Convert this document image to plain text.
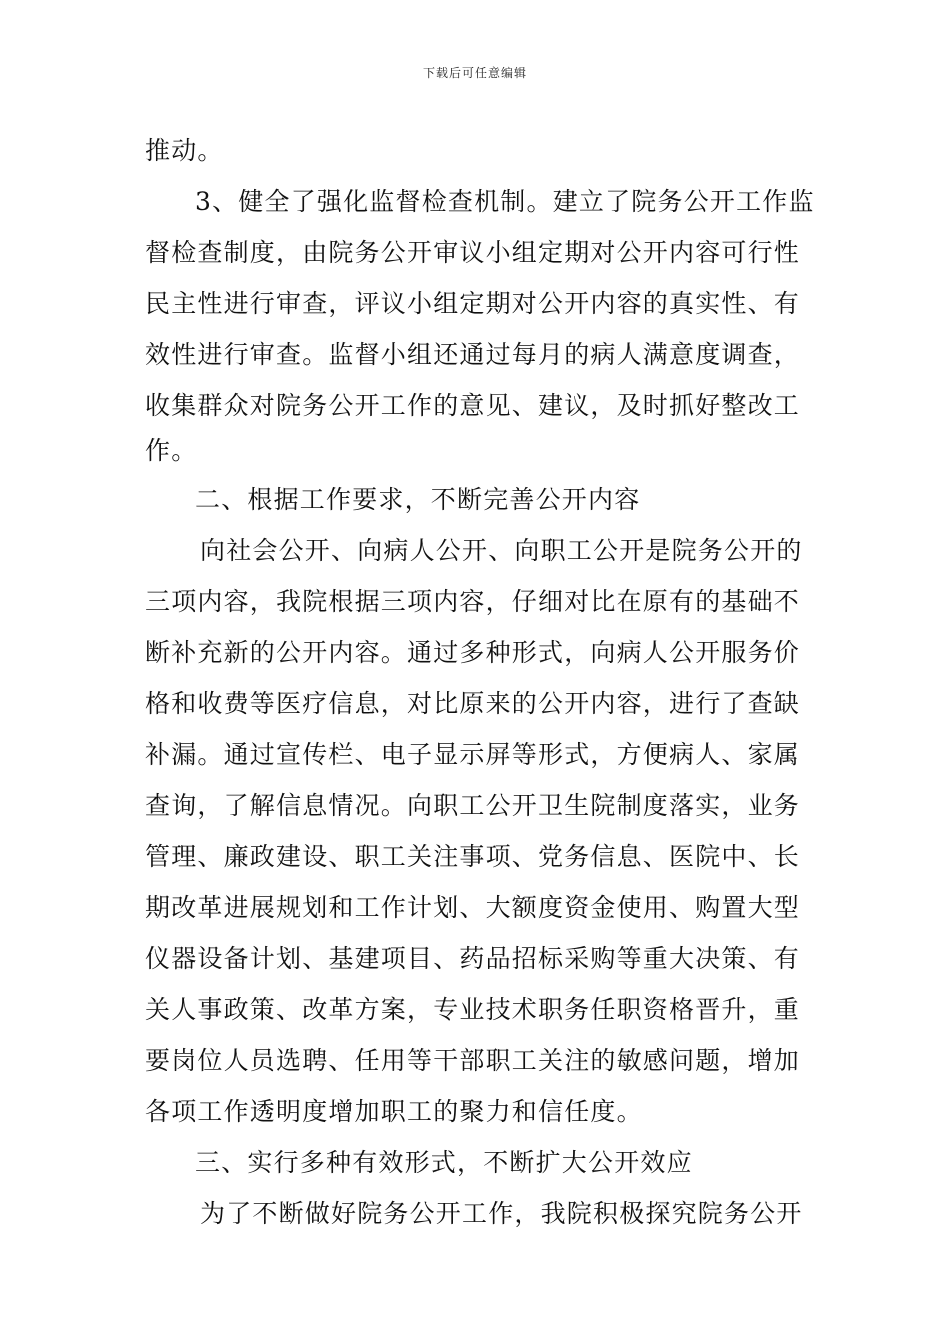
下载后可任意编辑
推动。
3、健全了强化监督检查机制。建立了院务公开工作监
督检查制度，由院务公开审议小组定期对公开内容可行性
民主性进行审查，评议小组定期对公开内容的真实性、有
效性进行审查。监督小组还通过每月的病人满意度调查，
收集群众对院务公开工作的意见、建议，及时抓好整改工
作。
二、根据工作要求，不断完善公开内容
向社会公开、向病人公开、向职工公开是院务公开的
三项内容，我院根据三项内容，仔细对比在原有的基础不
断补充新的公开内容。通过多种形式，向病人公开服务价
格和收费等医疗信息，对比原来的公开内容，进行了查缺
补漏。通过宣传栏、电子显示屏等形式，方便病人、家属
查询，了解信息情况。向职工公开卫生院制度落实，业务
管理、廉政建设、职工关注事项、党务信息、医院中、长
期改革进展规划和工作计划、大额度资金使用、购置大型
仪器设备计划、基建项目、药品招标采购等重大决策、有
关人事政策、改革方案，专业技术职务任职资格晋升，重
要岗位人员选聘、任用等干部职工关注的敏感问题，增加
各项工作透明度增加职工的聚力和信任度。
三、实行多种有效形式，不断扩大公开效应
为了不断做好院务公开工作，我院积极探究院务公开
